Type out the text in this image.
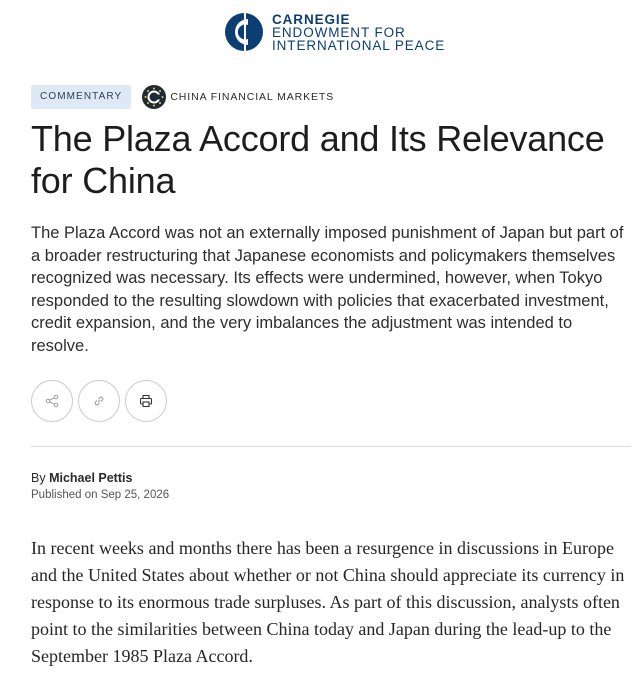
CARNEGIE
ENDOWMENT FOR
INTERNATIONAL PEACE
COMMENTARY	CHINA FINANCIAL MARKETS
The Plaza Accord and Its Relevance for China

The Plaza Accord was not an externally imposed punishment of Japan but part of a broader restructuring that Japanese economists and policymakers themselves recognized was necessary. Its effects were undermined, however, when Tokyo responded to the resulting slowdown with policies that exacerbated investment, credit expansion, and the very imbalances the adjustment was intended to resolve.

By Michael Pettis
Published on Sep 25, 2026

In recent weeks and months there has been a resurgence in discussions in Europe and the United States about whether or not China should appreciate its currency in response to its enormous trade surpluses. As part of this discussion, analysts often point to the similarities between China today and Japan during the lead-up to the September 1985 Plaza Accord.
